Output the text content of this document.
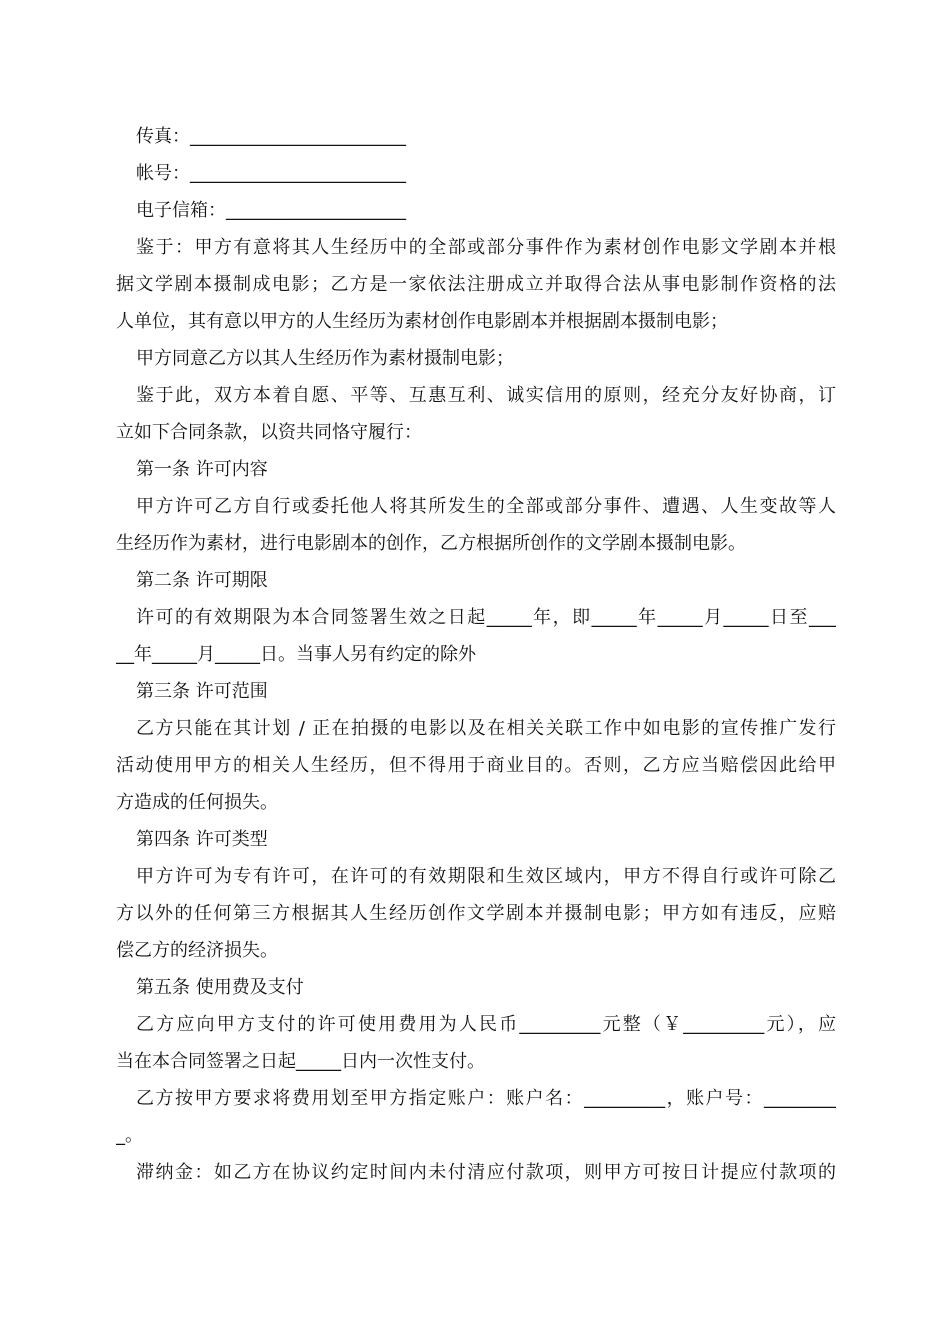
传真：________________________
帐号：________________________
电子信箱：____________________
鉴于：甲方有意将其人生经历中的全部或部分事件作为素材创作电影文学剧本并根
据文学剧本摄制成电影；乙方是一家依法注册成立并取得合法从事电影制作资格的法
人单位，其有意以甲方的人生经历为素材创作电影剧本并根据剧本摄制电影；
甲方同意乙方以其人生经历作为素材摄制电影；
鉴于此，双方本着自愿、平等、互惠互利、诚实信用的原则，经充分友好协商，订
立如下合同条款，以资共同恪守履行：
第一条 许可内容
甲方许可乙方自行或委托他人将其所发生的全部或部分事件、遭遇、人生变故等人
生经历作为素材，进行电影剧本的创作，乙方根据所创作的文学剧本摄制电影。
第二条 许可期限
许可的有效期限为本合同签署生效之日起_____年，即_____年_____月_____日至___
__年_____月_____日。当事人另有约定的除外
第三条 许可范围
乙方只能在其计划 / 正在拍摄的电影以及在相关关联工作中如电影的宣传推广发行
活动使用甲方的相关人生经历，但不得用于商业目的。否则，乙方应当赔偿因此给甲
方造成的任何损失。
第四条 许可类型
甲方许可为专有许可，在许可的有效期限和生效区域内，甲方不得自行或许可除乙
方以外的任何第三方根据其人生经历创作文学剧本并摄制电影；甲方如有违反，应赔
偿乙方的经济损失。
第五条 使用费及支付
乙方应向甲方支付的许可使用费用为人民币_________元整（￥_________元），应
当在本合同签署之日起_____日内一次性支付。
乙方按甲方要求将费用划至甲方指定账户：账户名：_________，账户号：________
_。
滞纳金：如乙方在协议约定时间内未付清应付款项，则甲方可按日计提应付款项的
